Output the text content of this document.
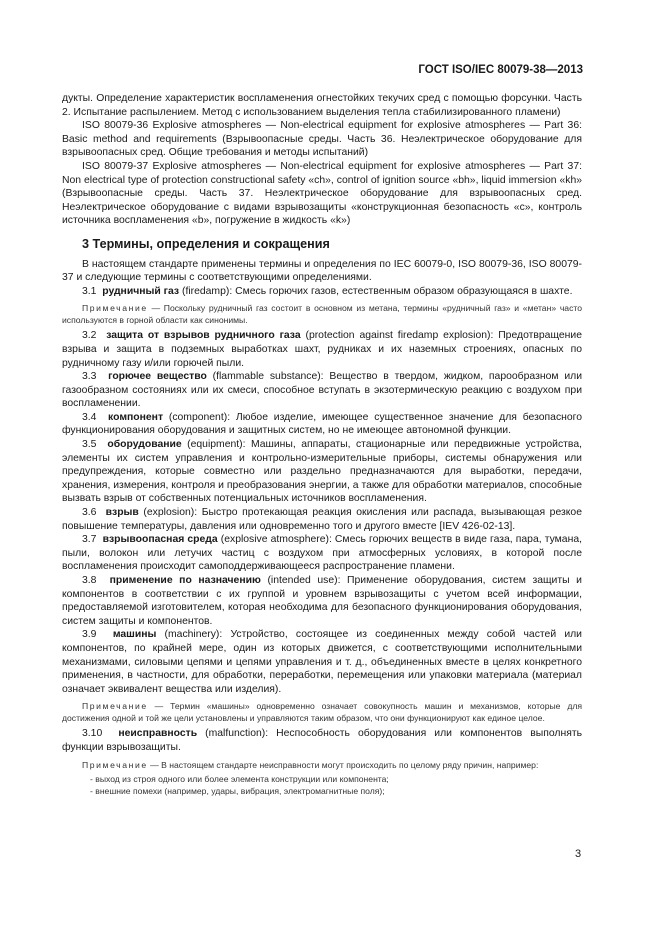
ГОСТ ISO/IEC 80079-38—2013

дукты. Определение характеристик воспламенения огнестойких текучих сред с помощью форсунки. Часть 2. Испытание распылением. Метод с использованием выделения тепла стабилизированного пламени)

ISO 80079-36 Explosive atmospheres — Non-electrical equipment for explosive atmospheres — Part 36: Basic method and requirements (Взрывоопасные среды. Часть 36. Неэлектрическое оборудование для взрывоопасных сред. Общие требования и методы испытаний)

ISO 80079-37 Explosive atmospheres — Non-electrical equipment for explosive atmospheres — Part 37: Non electrical type of protection constructional safety «ch», control of ignition source «bh», liquid immersion «kh» (Взрывоопасные среды. Часть 37. Неэлектрическое оборудование для взрывоопасных сред. Неэлектрическое оборудование с видами взрывозащиты «конструкционная безопасность «с», контроль источника воспламенения «b», погружение в жидкость «k»)

3 Термины, определения и сокращения

В настоящем стандарте применены термины и определения по IEC 60079-0, ISO 80079-36, ISO 80079-37 и следующие термины с соответствующими определениями.

3.1 рудничный газ (firedamp): Смесь горючих газов, естественным образом образующаяся в шахте.

Примечание — Поскольку рудничный газ состоит в основном из метана, термины «рудничный газ» и «метан» часто используются в горной области как синонимы.

3.2 защита от взрывов рудничного газа (protection against firedamp explosion): Предотвращение взрыва и защита в подземных выработках шахт, рудниках и их наземных строениях, опасных по рудничному газу и/или горючей пыли.

3.3 горючее вещество (flammable substance): Вещество в твердом, жидком, парообразном или газообразном состояниях или их смеси, способное вступать в экзотермическую реакцию с воздухом при воспламенении.

3.4 компонент (component): Любое изделие, имеющее существенное значение для безопасного функционирования оборудования и защитных систем, но не имеющее автономной функции.

3.5 оборудование (equipment): Машины, аппараты, стационарные или передвижные устройства, элементы их систем управления и контрольно-измерительные приборы, системы обнаружения или предупреждения, которые совместно или раздельно предназначаются для выработки, передачи, хранения, измерения, контроля и преобразования энергии, а также для обработки материалов, способные вызвать взрыв от собственных потенциальных источников воспламенения.

3.6 взрыв (explosion): Быстро протекающая реакция окисления или распада, вызывающая резкое повышение температуры, давления или одновременно того и другого вместе [IEV 426-02-13].

3.7 взрывоопасная среда (explosive atmosphere): Смесь горючих веществ в виде газа, пара, тумана, пыли, волокон или летучих частиц с воздухом при атмосферных условиях, в которой после воспламенения происходит самоподдерживающееся распространение пламени.

3.8 применение по назначению (intended use): Применение оборудования, систем защиты и компонентов в соответствии с их группой и уровнем взрывозащиты с учетом всей информации, предоставляемой изготовителем, которая необходима для безопасного функционирования оборудования, систем защиты и компонентов.

3.9 машины (machinery): Устройство, состоящее из соединенных между собой частей или компонентов, по крайней мере, один из которых движется, с соответствующими исполнительными механизмами, силовыми цепями и цепями управления и т. д., объединенных вместе в целях конкретного применения, в частности, для обработки, переработки, перемещения или упаковки материала (материал означает эквивалент вещества или изделия).

Примечание — Термин «машины» одновременно означает совокупность машин и механизмов, которые для достижения одной и той же цели установлены и управляются таким образом, что они функционируют как единое целое.

3.10 неисправность (malfunction): Неспособность оборудования или компонентов выполнять функции взрывозащиты.

Примечание — В настоящем стандарте неисправности могут происходить по целому ряду причин, например:

- выход из строя одного или более элемента конструкции или компонента;
- внешние помехи (например, удары, вибрация, электромагнитные поля);
3
